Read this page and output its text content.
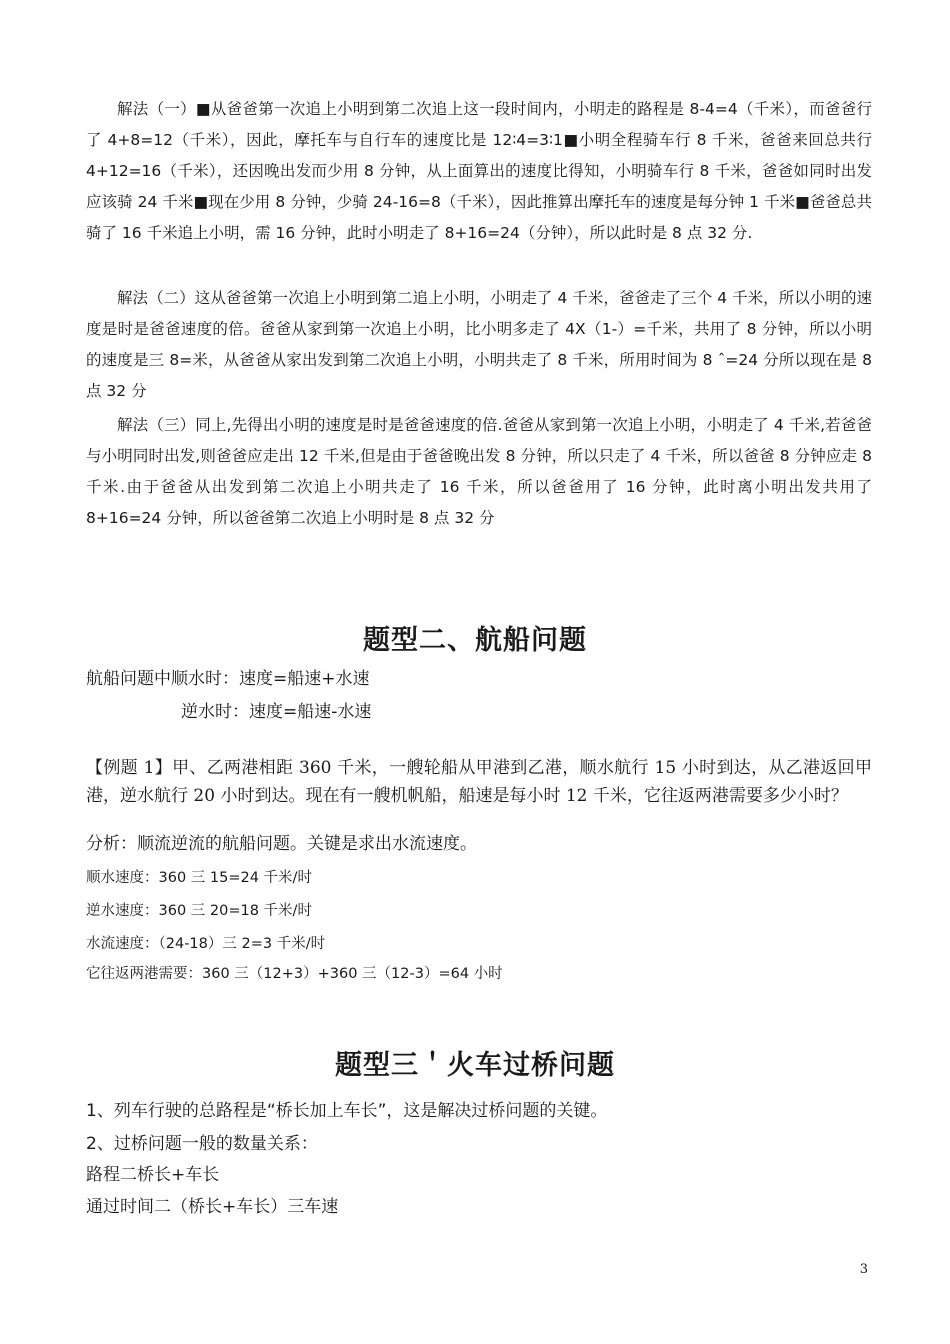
解法（一）■从爸爸第一次追上小明到第二次追上这一段时间内，小明走的路程是 8-4=4（千米），而爸爸行了 4+8=12（千米），因此，摩托车与自行车的速度比是 12∶4=3∶1■小明全程骑车行 8 千米，爸爸来回总共行 4+12=16（千米），还因晚出发而少用 8 分钟，从上面算出的速度比得知，小明骑车行 8 千米，爸爸如同时出发应该骑 24 千米■现在少用 8 分钟，少骑 24-16=8（千米），因此推算出摩托车的速度是每分钟 1 千米■爸爸总共骑了 16 千米追上小明，需 16 分钟，此时小明走了 8+16=24（分钟），所以此时是 8 点 32 分.

解法（二）这从爸爸第一次追上小明到第二追上小明，小明走了 4 千米，爸爸走了三个 4 千米，所以小明的速度是时是爸爸速度的倍。爸爸从家到第一次追上小明，比小明多走了 4X（1-）=千米，共用了 8 分钟，所以小明的速度是三 8=米，从爸爸从家出发到第二次追上小明，小明共走了 8 千米，所用时间为 8 ˆ=24 分所以现在是 8 点 32 分

解法（三）同上,先得出小明的速度是时是爸爸速度的倍.爸爸从家到第一次追上小明，小明走了 4 千米,若爸爸与小明同时出发,则爸爸应走出 12 千米,但是由于爸爸晚出发 8 分钟，所以只走了 4 千米，所以爸爸 8 分钟应走 8 千米.由于爸爸从出发到第二次追上小明共走了 16 千米，所以爸爸用了 16 分钟，此时离小明出发共用了 8+16=24 分钟，所以爸爸第二次追上小明时是 8 点 32 分

题型二、航船问题

航船问题中顺水时：速度=船速+水速

逆水时：速度=船速-水速

【例题 1】甲、乙两港相距 360 千米，一艘轮船从甲港到乙港，顺水航行 15 小时到达，从乙港返回甲港，逆水航行 20 小时到达。现在有一艘机帆船，船速是每小时 12 千米，它往返两港需要多少小时？

分析：顺流逆流的航船问题。关键是求出水流速度。

顺水速度：360 三 15=24 千米/时

逆水速度：360 三 20=18 千米/时

水流速度：（24-18）三 2=3 千米/时

它往返两港需要：360 三（12+3）+360 三（12-3）=64 小时

题型三＇火车过桥问题

1、列车行驶的总路程是“桥长加上车长”，这是解决过桥问题的关键。

2、过桥问题一般的数量关系：

路程二桥长+车长

通过时间二（桥长+车长）三车速

3
